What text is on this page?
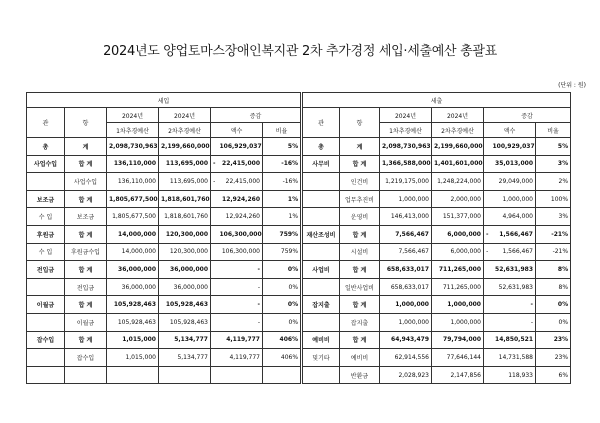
2024년도 양업토마스장애인복지관 2차 추가경정 세입·세출예산 총괄표
(단위 : 원)
세입						
관	항	2024년	2024년	증감		
		1차추경예산	2차추경예산	액수		비율
총	계	2,098,730,963	2,199,660,000		106,929,037	5%
사업수입	합 계	136,110,000	113,695,000	-	22,415,000	-16%
	사업수입	136,110,000	113,695,000	-	22,415,000	-16%
보조금	합 계	1,805,677,500	1,818,601,760		12,924,260	1%
수 입	보조금	1,805,677,500	1,818,601,760		12,924,260	1%
후원금	합 계	14,000,000	120,300,000		106,300,000	759%
수 입	후원금수입	14,000,000	120,300,000		106,300,000	759%
전입금	합 계	36,000,000	36,000,000		-	0%
	전입금	36,000,000	36,000,000		-	0%
이월금	합 계	105,928,463	105,928,463		-	0%
	이월금	105,928,463	105,928,463		-	0%
잡수입	합 계	1,015,000	5,134,777		4,119,777	406%
	잡수입	1,015,000	5,134,777		4,119,777	406%

세출						
관	항	2024년	2024년	증감		
		1차추경예산	2차추경예산	액수		비율
총	계	2,098,730,963	2,199,660,000		100,929,037	5%
사무비	합 계	1,366,588,000	1,401,601,000		35,013,000	3%
	인건비	1,219,175,000	1,248,224,000		29,049,000	2%
	업무추진비	1,000,000	2,000,000		1,000,000	100%
	운영비	146,413,000	151,377,000		4,964,000	3%
재산조성비	합 계	7,566,467	6,000,000	-	1,566,467	-21%
	시설비	7,566,467	6,000,000	-	1,566,467	-21%
사업비	합 계	658,633,017	711,265,000		52,631,983	8%
	일반사업비	658,633,017	711,265,000		52,631,983	8%
잡지출	합 계	1,000,000	1,000,000		-	0%
	잡지출	1,000,000	1,000,000		-	0%
예비비	합 계	64,943,479	79,794,000		14,850,521	23%
및기타	예비비	62,914,556	77,646,144		14,731,588	23%
	반환금	2,028,923	2,147,856		118,933	6%
